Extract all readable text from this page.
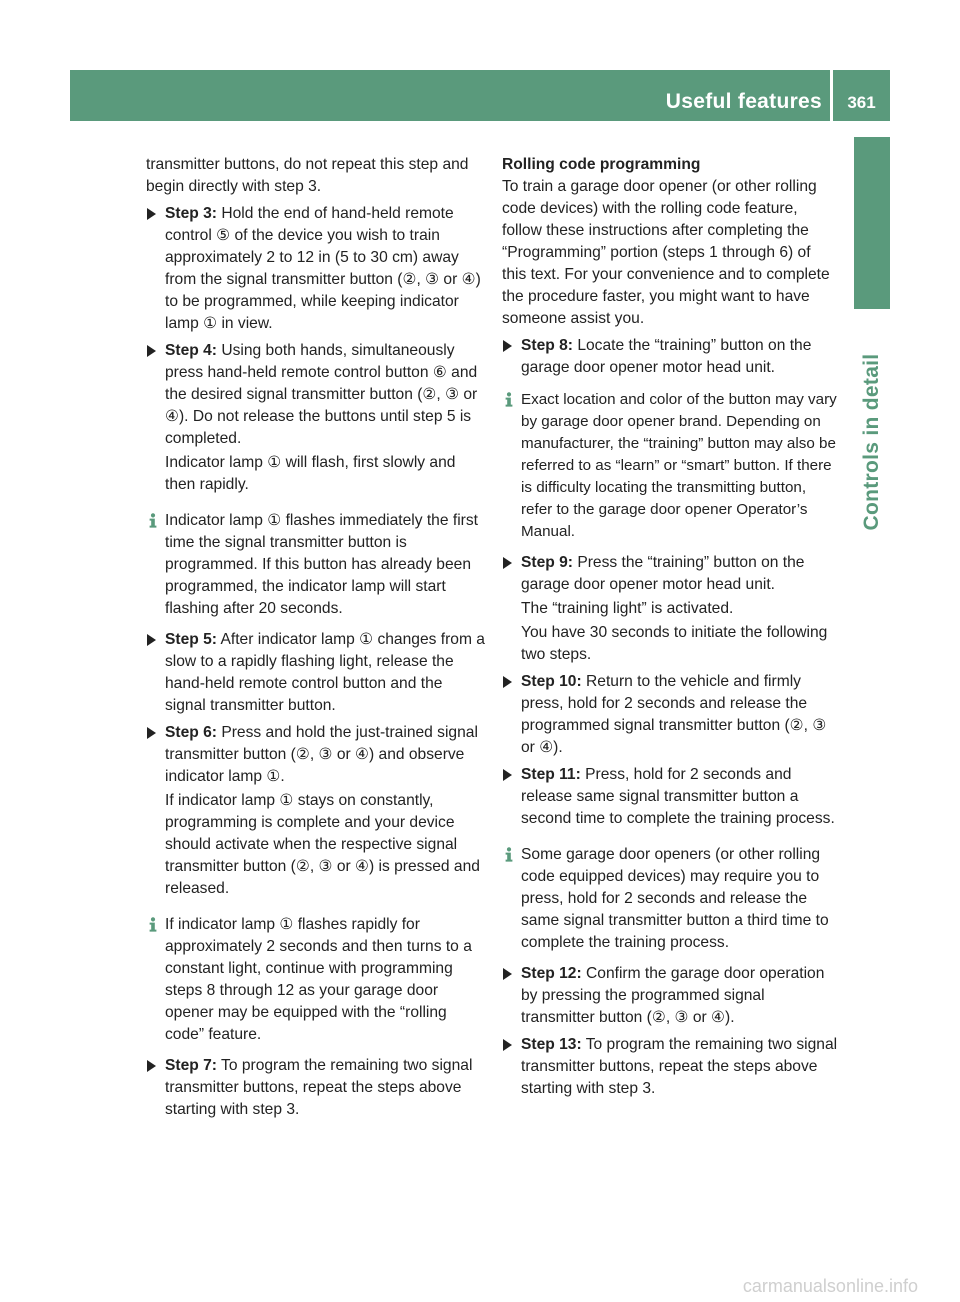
Useful features	361
Controls in detail
transmitter buttons, do not repeat this step and begin directly with step 3.
Step 3: Hold the end of hand-held remote control ⑤ of the device you wish to train approximately 2 to 12 in (5 to 30 cm) away from the signal transmitter button (②, ③ or ④) to be programmed, while keeping indicator lamp ① in view.
Step 4: Using both hands, simultaneously press hand-held remote control button ⑥ and the desired signal transmitter button (②, ③ or ④). Do not release the buttons until step 5 is completed.
Indicator lamp ① will flash, first slowly and then rapidly.
Indicator lamp ① flashes immediately the first time the signal transmitter button is programmed. If this button has already been programmed, the indicator lamp will start flashing after 20 seconds.
Step 5: After indicator lamp ① changes from a slow to a rapidly flashing light, release the hand-held remote control button and the signal transmitter button.
Step 6: Press and hold the just-trained signal transmitter button (②, ③ or ④) and observe indicator lamp ①.
If indicator lamp ① stays on constantly, programming is complete and your device should activate when the respective signal transmitter button (②, ③ or ④) is pressed and released.
If indicator lamp ① flashes rapidly for approximately 2 seconds and then turns to a constant light, continue with programming steps 8 through 12 as your garage door opener may be equipped with the “rolling code” feature.
Step 7: To program the remaining two signal transmitter buttons, repeat the steps above starting with step 3.
Rolling code programming
To train a garage door opener (or other rolling code devices) with the rolling code feature, follow these instructions after completing the “Programming” portion (steps 1 through 6) of this text. For your convenience and to complete the procedure faster, you might want to have someone assist you.
Step 8: Locate the “training” button on the garage door opener motor head unit.
Exact location and color of the button may vary by garage door opener brand. Depending on manufacturer, the “training” button may also be referred to as “learn” or “smart” button. If there is difficulty locating the transmitting button, refer to the garage door opener Operator’s Manual.
Step 9: Press the “training” button on the garage door opener motor head unit.
The “training light” is activated.
You have 30 seconds to initiate the following two steps.
Step 10: Return to the vehicle and firmly press, hold for 2 seconds and release the programmed signal transmitter button (②, ③ or ④).
Step 11: Press, hold for 2 seconds and release same signal transmitter button a second time to complete the training process.
Some garage door openers (or other rolling code equipped devices) may require you to press, hold for 2 seconds and release the same signal transmitter button a third time to complete the training process.
Step 12: Confirm the garage door operation by pressing the programmed signal transmitter button (②, ③ or ④).
Step 13: To program the remaining two signal transmitter buttons, repeat the steps above starting with step 3.
carmanualsonline.info
